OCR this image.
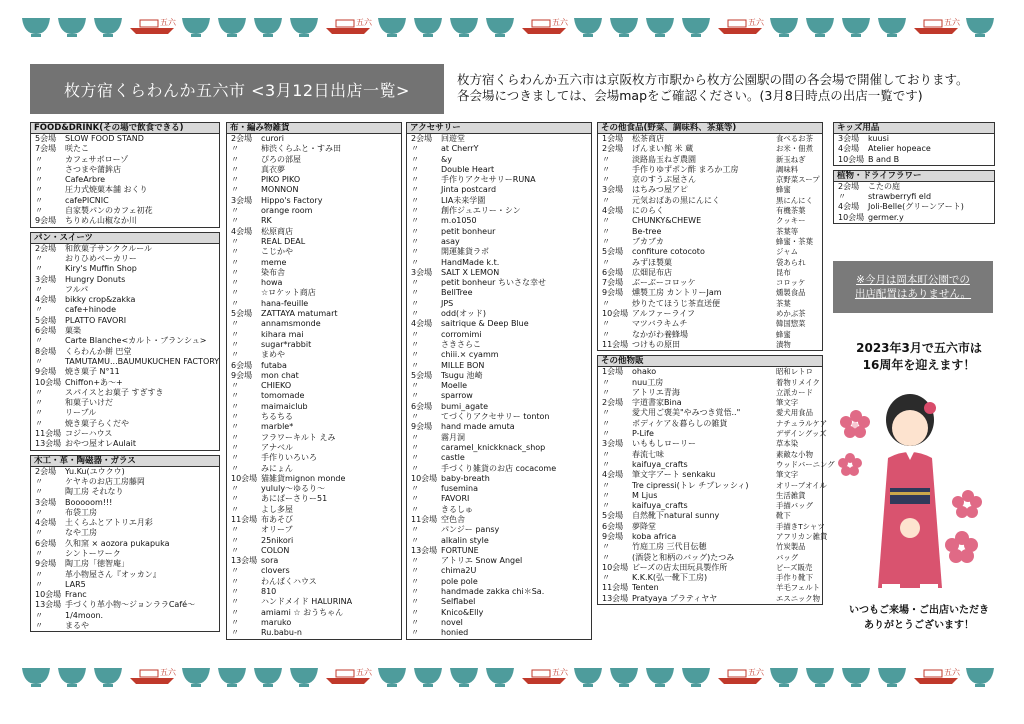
五六	五六	五六	五六	五六
枚方宿くらわんか五六市 <3月12日出店一覧>
枚方宿くらわんか五六市は京阪枚方市駅から枚方公園駅の間の各会場で開催しております。
各会場につきましては、会場mapをご確認ください。(3月8日時点の出店一覧です)
FOOD&DRINK(その場で飲食できる)
5会場	SLOW FOOD STAND
7会場	咲たこ
〃	カフェサボローゾ
〃	さつまや蒲鉾店
〃	CafeArbre
〃	圧力式焼菓本舗 おくり
〃	cafePICNIC
〃	自家製パンのカフェ初花
9会場	ちりめん山椒なか川
パン・スイーツ
2会場	和飲菓子サンククルール
〃	おりひめベーカリー
〃	Kiry's Muffin Shop
3会場	Hungry Donuts
〃	フルパ
4会場	bikky crop&zakka
〃	cafe+hinode
5会場	PLATTO FAVORI
6会場	菓楽
〃	Carte Blanche<カルト・ブランシュ>
8会場	くらわんか餅 巴堂
〃	TAMUTAMU...BAUMUKUCHEN FACTORY
9会場	焼き菓子 N°11
10会場 Chiffon+あ〜+
〃	スパイスとお菓子 すぎすき
〃	和菓子いけだ
〃	リーブル
〃	焼き菓子らくだや
11会場 コジーハウス
13会場 おやつ屋オレAulait
木工・革・陶磁器・ガラス
2会場	Yu.Ku(ユウクウ)
〃	ケヤキのお店工房藤岡
〃	陶工房 それなり
3会場	Booooom!!!
〃	布袋工房
4会場	土くらふとアトリエ月彩
〃	なや工房
6会場	久和窯 × aozora pukapuka
〃	シントーワーク
9会場	陶工房「徳智庵」
〃	革小物屋さん『オッカン』
〃	LAR5
10会場 Franc
13会場 手づくり革小物〜ジョンララCafé〜
〃	1/4moon.
〃	まるや
布・編み物雑貨
2会場	curori
〃	柿渋くらふと・すみ田
〃	ぴろの部屋
〃	真衣夢
〃	PIKO PIKO
〃	MONNON
3会場	Hippo's Factory
〃	orange room
〃	RK
4会場	松原商店
〃	REAL DEAL
〃	こじかや
〃	meme
〃	染布舎
〃	howa
〃	☆ロケット商店
〃	hana-feuille
5会場	ZATTAYA matumart
〃	annamsmonde
〃	kihara mai
〃	sugar*rabbit
〃	まめや
6会場	futaba
9会場	mon chat
〃	CHIEKO
〃	tomomade
〃	maimaiclub
〃	ちるちる
〃	marble*
〃	フラワーキルト えみ
〃	アナベル
〃	手作りいろいろ
〃	みにょん
10会場 猫雑貨mignon monde
〃	yululy〜ゆるり〜
〃	あにぱーさりー51
〃	よし多屋
11会場 布あそび
〃	オリーブ
〃	25nikori
〃	COLON
13会場 sora
〃	clovers
〃	わんぱくハウス
〃	810
〃	ハンドメイド HALURINA
〃	amiami ☆ おうちゃん
〃	maruko
〃	Ru.babu-n
アクセサリー
2会場	回遊堂
〃	at CherrY
〃	&y
〃	Double Heart
〃	手作りアクセサリーRUNA
〃	Jinta postcard
〃	LIA未来学園
〃	創作ジュエリー・シン
〃	m.o1050
〃	petit bonheur
〃	asay
〃	開運雑貨ラボ
〃	HandMade k.t.
3会場	SALT X LEMON
〃	petit bonheur ちいさな幸せ
〃	BellTree
〃	JPS
〃	odd(オッド)
4会場	saitrique & Deep Blue
〃	corromimi
〃	さきさらこ
〃	chiii.× cyamm
〃	MILLE BON
5会場	Tsugu 池崎
〃	Moelle
〃	sparrow
6会場	bumi_agate
〃	てづくりアクセサリー tonton
9会場	hand made amuta
〃	霧月洞
〃	caramel_knickknack_shop
〃	castle
〃	手づくり雑貨のお店 cocacome
10会場 baby-breath
〃	fusemina
〃	FAVORI
〃	きるしゅ
11会場 空色舎
〃	パンジー pansy
〃	alkalin style
13会場 FORTUNE
〃	アトリエ Snow Angel
〃	chima2U
〃	pole pole
〃	handmade zakka chi＊Sa.
〃	Selflabel
〃	Knico&Elly
〃	novel
〃	honied
その他食品(野菜、調味料、茶葉等)
1会場	松茶商店	食べるお茶
2会場	げんまい館 米 蔵	お米・佃煮
〃	淡路島玉ねぎ農園	新玉ねぎ
〃	手作りゆずポン酢 まろか工房	調味料
〃	京のすうぷ屋さん	京野菜スープ
3会場	はちみつ屋アピ	蜂蜜
〃	元気おばあの黒にんにく	黒にんにく
4会場	にのらく	有機茶葉
〃	CHUNKY&CHEWE	クッキー
〃	Be-tree	茶葉等
〃	ブカブカ	蜂蜜・茶葉
5会場	confiture cotocoto	ジャム
〃	みずほ製菓	袋あられ
6会場	広畑昆布店	昆布
7会場	ぶーぶーコロッケ	コロッケ
9会場	燻製工房 カントリーJam	燻製食品
〃	炒りたてほうじ茶直送便	茶葉
10会場 アルファーライフ	めかぶ茶
〃	マツバラキムチ	韓国惣菜
〃	なかがわ養蜂場	蜂蜜
11会場 つけもの原田	漬物
その他物販
1会場	ohako	昭和レトロ
〃	nuu工房	着物リメイク
〃	アトリエ青海	立派カード
2会場	字道書家Bina	筆文字
〃	愛犬用ご褒美"やみつき覚悟.."	愛犬用食品
〃	ボディケア＆暮らしの雑貨	ナチュラルケア
〃	P-Life	デザイングッズ
3会場	いももしローリー	草本染
〃	春流七味	素敵な小物
〃	kaifuya_crafts	ウッドバーニング
4会場	筆文字アート senkaku	筆文字
〃	Tre cipressi(トレ チプレッシィ)	オリーブオイル
〃	M Ljus	生活雑貨
〃	kaifuya_crafts	手描バッグ
5会場	自然靴下natural sunny	靴下
6会場	夢降堂	手描きTシャツ
9会場	koba africa	アフリカン雑貨
〃	竹庭工房 三代目伝穂	竹炭製品
〃	(酒袋と和柄のバッグ)たつみ	バッグ
10会場 ビーズの店太田玩具製作所	ビーズ販売
〃	K.K.K(弘一靴下工房)	手作り靴下
11会場 Tenten	羊毛フェルト
13会場 Pratyaya プラティヤヤ	エスニック物
キッズ用品
3会場	kuusi
4会場	Atelier hopeace
10会場 B and B
植物・ドライフラワー
2会場	こたの庭
〃	strawberryfi eld
4会場	Joli-Belle(グリーンアート)
10会場 germer.y
※今月は岡本町公園での
出店配置はありません。
2023年3月で五六市は
16周年を迎えます！
いつもご来場・ご出店いただき
ありがとうございます！
五六	五六	五六	五六	五六
